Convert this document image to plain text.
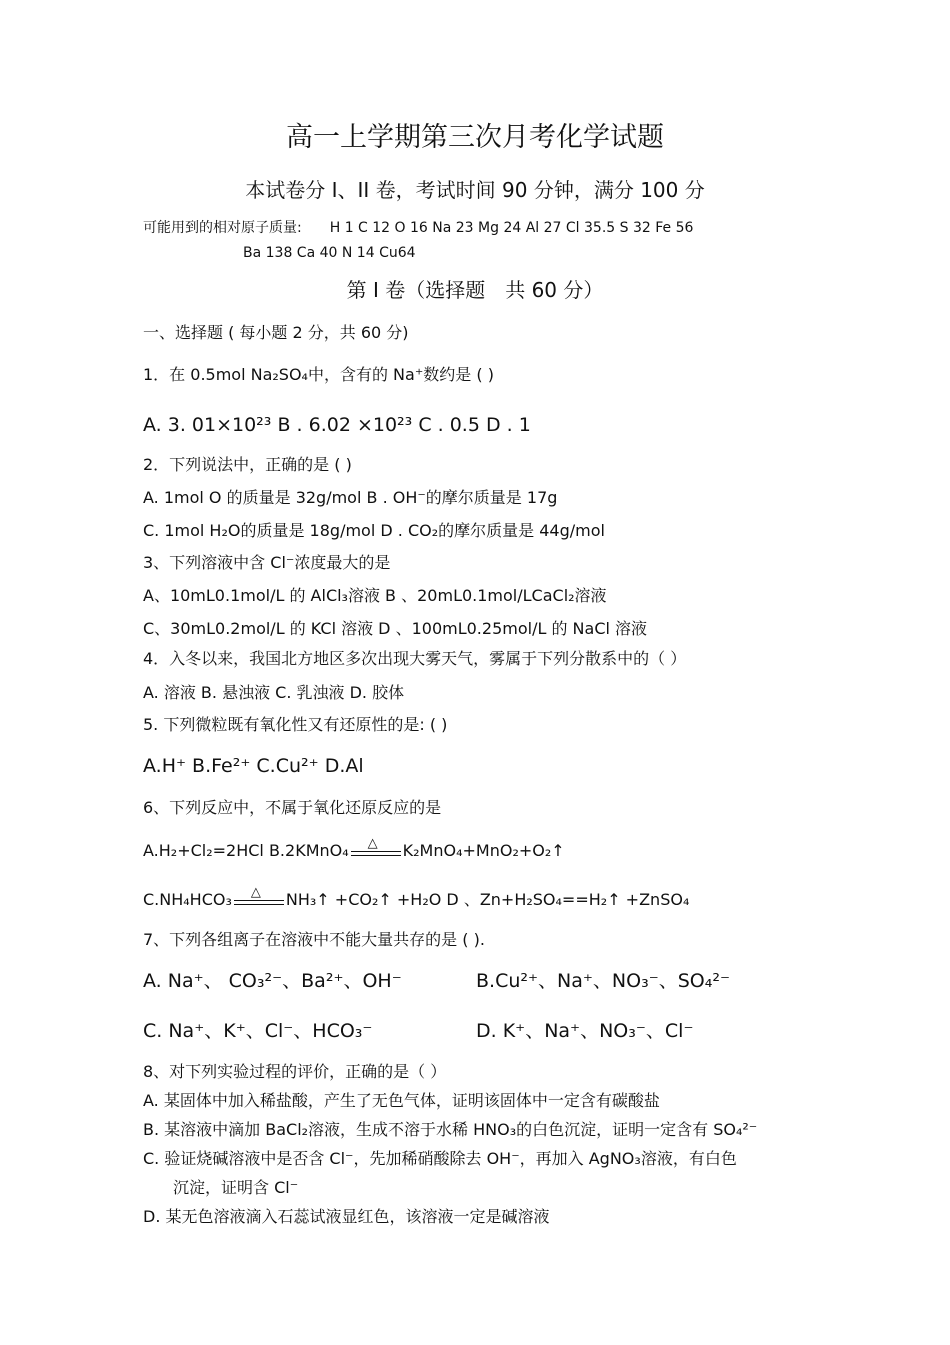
高一上学期第三次月考化学试题
本试卷分 I、II 卷，考试时间 90 分钟，满分 100 分
可能用到的相对原子质量:　　H 1 C 12 O 16 Na 23 Mg 24 Al 27 Cl 35.5 S 32 Fe 56
Ba 138 Ca 40 N 14 Cu64
第 I 卷（选择题　共 60 分）
一、选择题 ( 每小题 2 分，共 60 分)
1．在 0.5mol Na₂SO₄中，含有的 Na⁺数约是 ( )
A. 3. 01×10²³ B . 6.02 ×10²³ C . 0.5 D . 1
2．下列说法中，正确的是 ( )
A. 1mol O 的质量是 32g/mol B . OH⁻的摩尔质量是 17g
C. 1mol H₂O的质量是 18g/mol D . CO₂的摩尔质量是 44g/mol
3、下列溶液中含 Cl⁻浓度最大的是
A、10mL0.1mol/L 的 AlCl₃溶液 B 、20mL0.1mol/LCaCl₂溶液
C、30mL0.2mol/L 的 KCl 溶液 D 、100mL0.25mol/L 的 NaCl 溶液
4．入冬以来，我国北方地区多次出现大雾天气，雾属于下列分散系中的（ ）
A. 溶液 B. 悬浊液 C. 乳浊液 D. 胶体
5. 下列微粒既有氧化性又有还原性的是: ( )
A.H⁺ B.Fe²⁺ C.Cu²⁺ D.Al
6、下列反应中，不属于氧化还原反应的是
A.H₂+Cl₂=2HCl B.2KMnO₄ △ K₂MnO₄+MnO₂+O₂↑
C.NH₄HCO₃ △ NH₃↑ +CO₂↑ +H₂O D 、Zn+H₂SO₄==H₂↑ +ZnSO₄
7、下列各组离子在溶液中不能大量共存的是 ( ).
A. Na⁺、 CO₃²⁻、Ba²⁺、OH⁻	B.Cu²⁺、Na⁺、NO₃⁻、SO₄²⁻
C. Na⁺、K⁺、Cl⁻、HCO₃⁻	D. K⁺、Na⁺、NO₃⁻、Cl⁻
8、对下列实验过程的评价，正确的是（ ）
A. 某固体中加入稀盐酸，产生了无色气体，证明该固体中一定含有碳酸盐
B. 某溶液中滴加 BaCl₂溶液，生成不溶于水稀 HNO₃的白色沉淀，证明一定含有 SO₄²⁻
C. 验证烧碱溶液中是否含 Cl⁻，先加稀硝酸除去 OH⁻，再加入 AgNO₃溶液，有白色
沉淀，证明含 Cl⁻
D. 某无色溶液滴入石蕊试液显红色，该溶液一定是碱溶液
